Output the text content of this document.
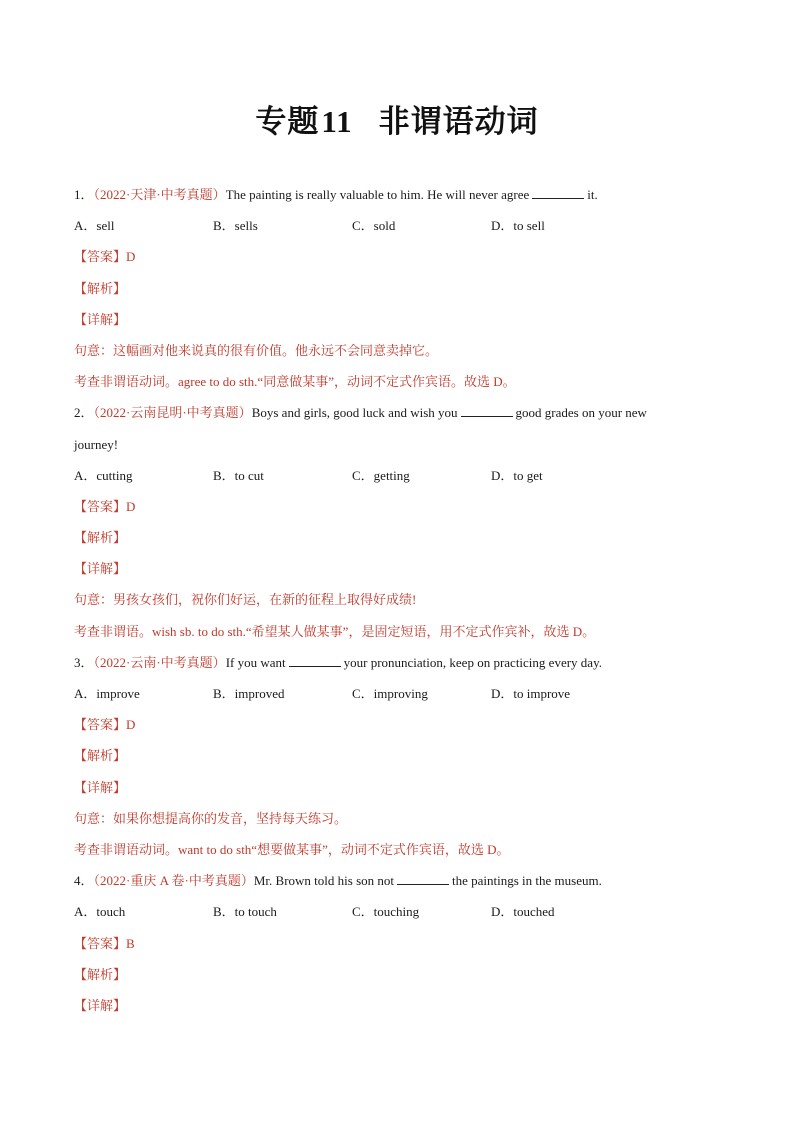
专题11 非谓语动词
1．（2022·天津·中考真题）The painting is really valuable to him. He will never agree	it.
A．sell	B．sells	C．sold	D．to sell
【答案】D
【解析】
【详解】
句意：这幅画对他来说真的很有价值。他永远不会同意卖掉它。
考查非谓语动词。agree to do sth.“同意做某事”，动词不定式作宾语。故选 D。
2．（2022·云南昆明·中考真题）Boys and girls, good luck and wish you	good grades on your new
journey!
A．cutting	B．to cut	C．getting	D．to get
【答案】D
【解析】
【详解】
句意：男孩女孩们，祝你们好运，在新的征程上取得好成绩!
考查非谓语。wish sb. to do sth.“希望某人做某事”，是固定短语，用不定式作宾补，故选 D。
3．（2022·云南·中考真题）If you want	your pronunciation, keep on practicing every day.
A．improve	B．improved	C．improving	D．to improve
【答案】D
【解析】
【详解】
句意：如果你想提高你的发音，坚持每天练习。
考查非谓语动词。want to do sth“想要做某事”，动词不定式作宾语，故选 D。
4．（2022·重庆 A 卷·中考真题）Mr. Brown told his son not	the paintings in the museum.
A．touch	B．to touch	C．touching	D．touched
【答案】B
【解析】
【详解】
